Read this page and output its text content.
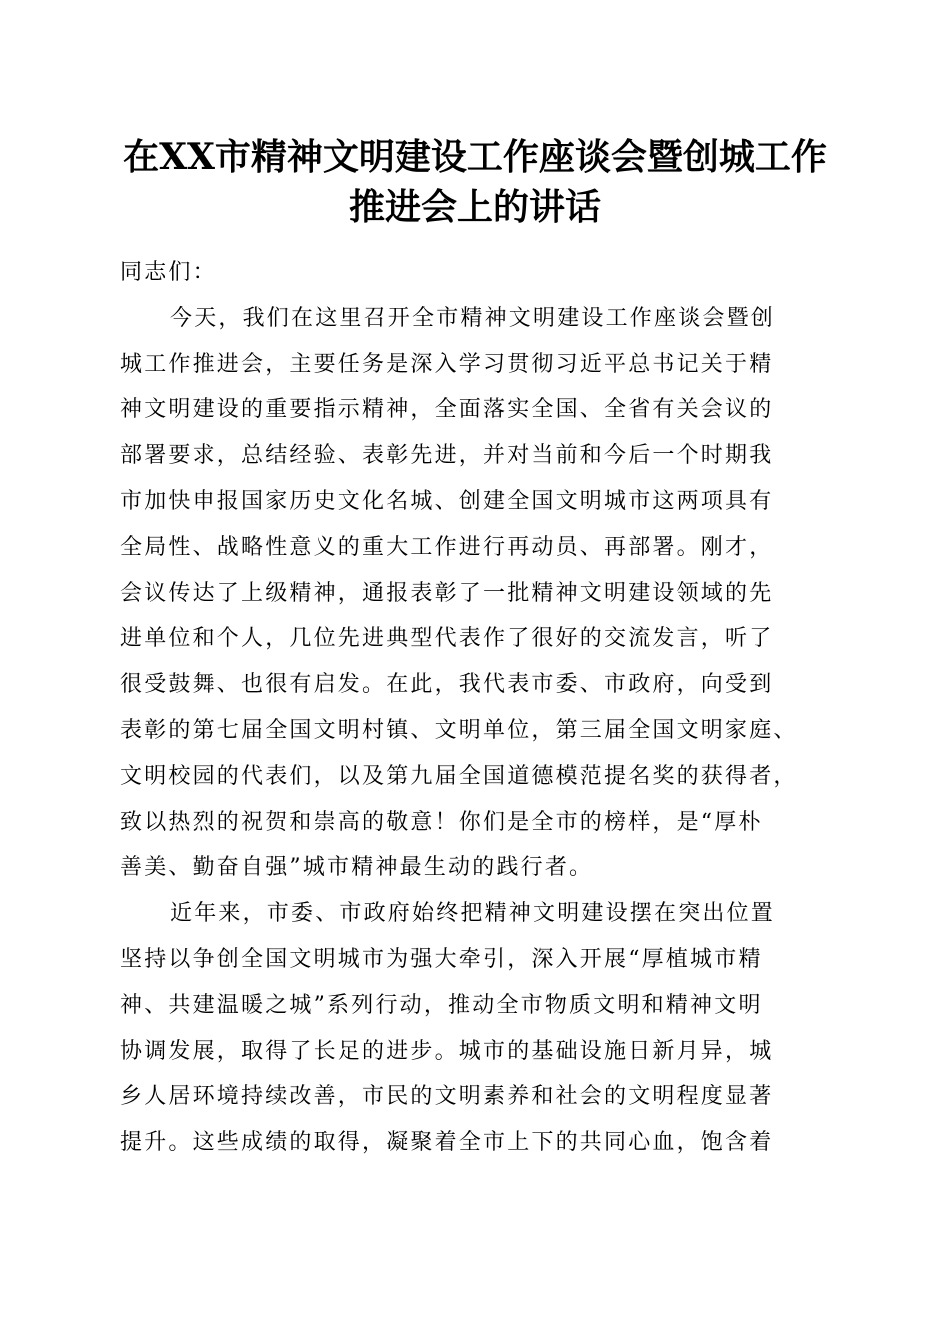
在XX市精神文明建设工作座谈会暨创城工作
推进会上的讲话
同志们：
今天，我们在这里召开全市精神文明建设工作座谈会暨创
城工作推进会，主要任务是深入学习贯彻习近平总书记关于精
神文明建设的重要指示精神，全面落实全国、全省有关会议的
部署要求，总结经验、表彰先进，并对当前和今后一个时期我
市加快申报国家历史文化名城、创建全国文明城市这两项具有
全局性、战略性意义的重大工作进行再动员、再部署。刚才，
会议传达了上级精神，通报表彰了一批精神文明建设领域的先
进单位和个人，几位先进典型代表作了很好的交流发言，听了
很受鼓舞、也很有启发。在此，我代表市委、市政府，向受到
表彰的第七届全国文明村镇、文明单位，第三届全国文明家庭、
文明校园的代表们，以及第九届全国道德模范提名奖的获得者，
致以热烈的祝贺和崇高的敬意！你们是全市的榜样，是“厚朴
善美、勤奋自强”城市精神最生动的践行者。
近年来，市委、市政府始终把精神文明建设摆在突出位置
坚持以争创全国文明城市为强大牵引，深入开展“厚植城市精
神、共建温暖之城”系列行动，推动全市物质文明和精神文明
协调发展，取得了长足的进步。城市的基础设施日新月异，城
乡人居环境持续改善，市民的文明素养和社会的文明程度显著
提升。这些成绩的取得，凝聚着全市上下的共同心血，饱含着
